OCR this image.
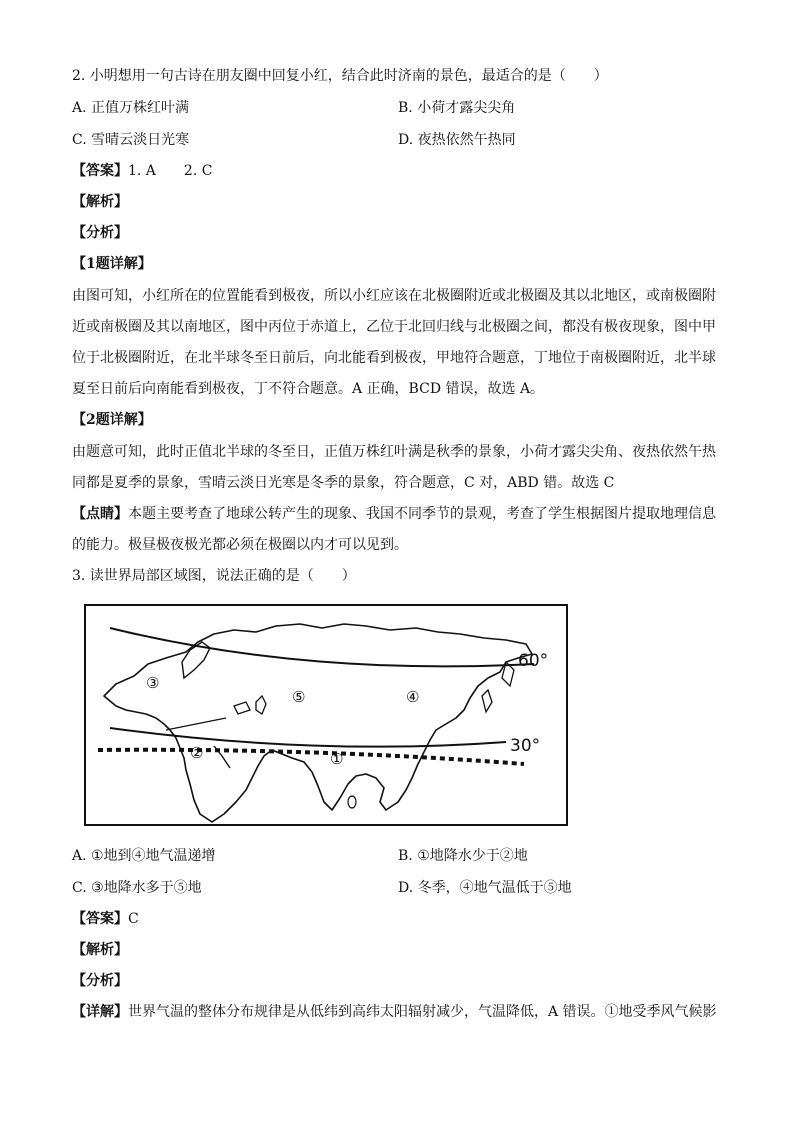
2. 小明想用一句古诗在朋友圈中回复小红，结合此时济南的景色，最适合的是（　　）
A. 正值万株红叶满	B. 小荷才露尖尖角
C. 雪晴云淡日光寒	D. 夜热依然午热同
【答案】1. A　　2. C
【解析】
【分析】
【1题详解】
由图可知，小红所在的位置能看到极夜，所以小红应该在北极圈附近或北极圈及其以北地区，或南极圈附
近或南极圈及其以南地区，图中丙位于赤道上，乙位于北回归线与北极圈之间，都没有极夜现象，图中甲
位于北极圈附近，在北半球冬至日前后，向北能看到极夜，甲地符合题意，丁地位于南极圈附近，北半球
夏至日前后向南能看到极夜，丁不符合题意。A 正确，BCD 错误，故选 A。
【2题详解】
由题意可知，此时正值北半球的冬至日，正值万株红叶满是秋季的景象，小荷才露尖尖角、夜热依然午热
同都是夏季的景象，雪晴云淡日光寒是冬季的景象，符合题意，C 对，ABD 错。故选 C
【点睛】本题主要考查了地球公转产生的现象、我国不同季节的景观，考查了学生根据图片提取地理信息
的能力。极昼极夜极光都必须在极圈以内才可以见到。
3. 读世界局部区域图，说法正确的是（　　）
60°
30°
①
②
③
④
⑤
A. ①地到④地气温递增	B. ①地降水少于②地
C. ③地降水多于⑤地	D. 冬季，④地气温低于⑤地
【答案】C
【解析】
【分析】
【详解】世界气温的整体分布规律是从低纬到高纬太阳辐射减少，气温降低，A 错误。①地受季风气候影
